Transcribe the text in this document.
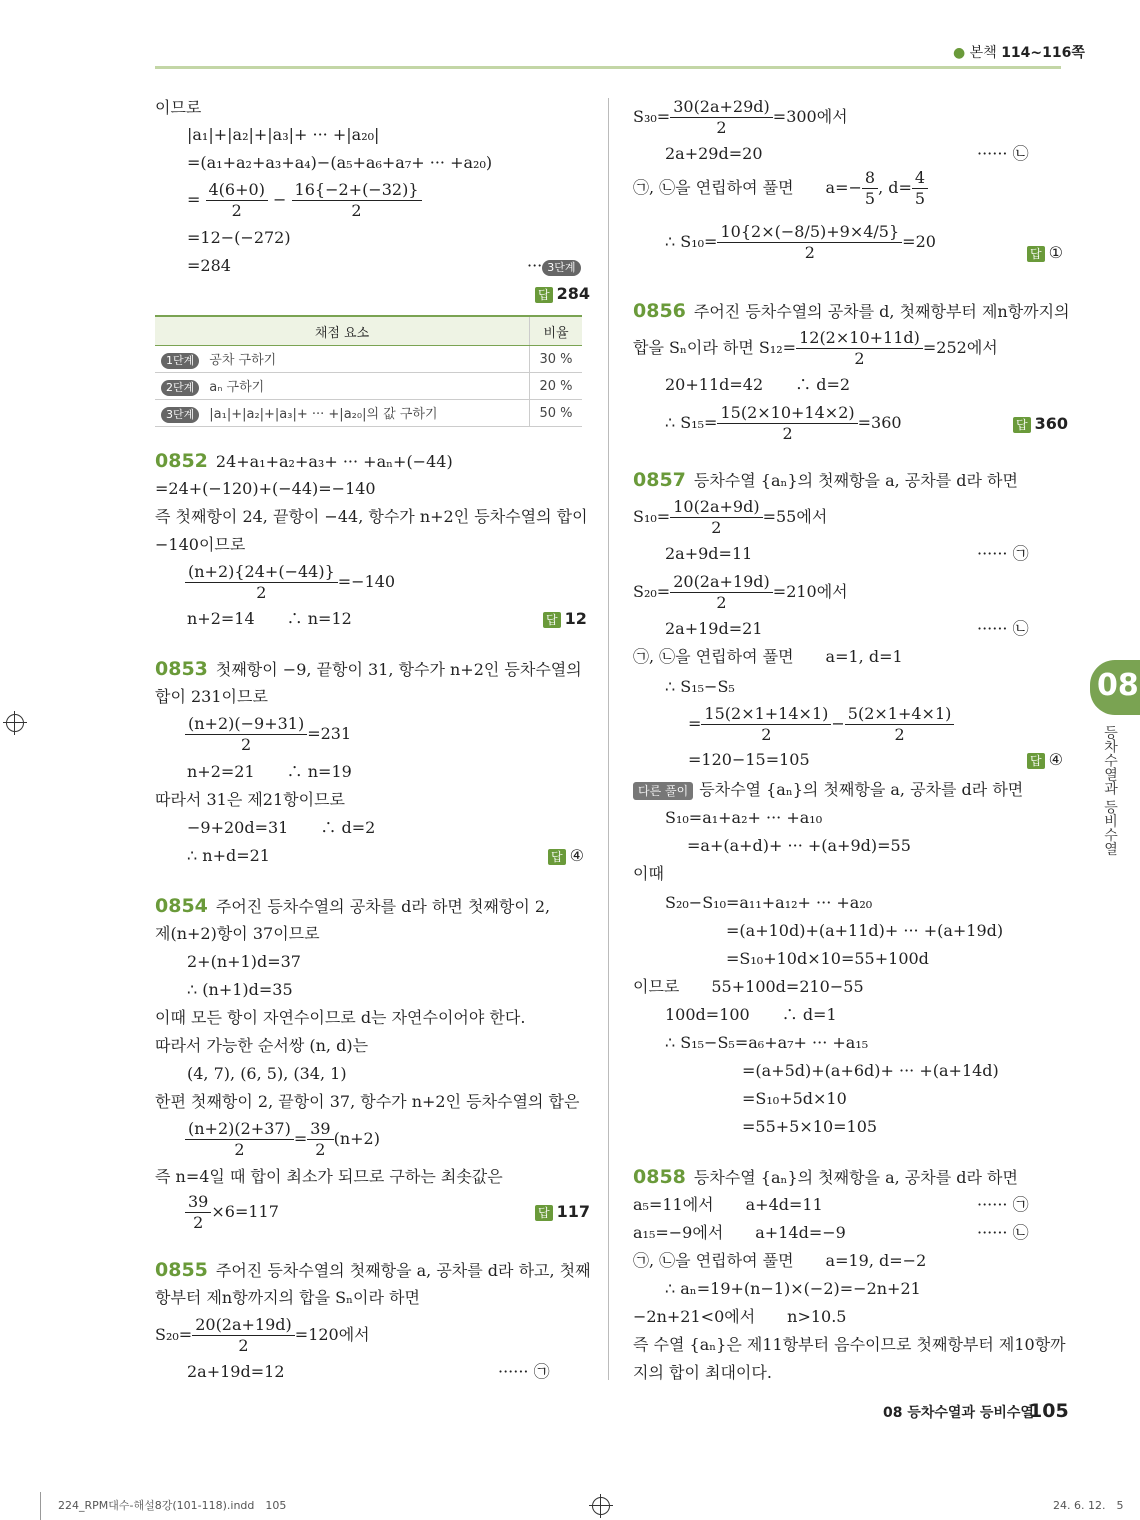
● 본책 114~116쪽
이므로
|a₁|+|a₂|+|a₃|+ ··· +|a₂₀|
=(a₁+a₂+a₃+a₄)−(a₅+a₆+a₇+ ··· +a₂₀)
= $\frac{4(6+0)}{2} - \frac{16\{-2+(-32)\}}{2}$
=12−(−272)
=284	··· 3단계
답 284
채점 요소	비율
1단계 공차 구하기	30 %
2단계 aₙ 구하기	20 %
3단계 |a₁|+|a₂|+|a₃|+ ··· +|a₂₀|의 값 구하기	50 %
0852 24+a₁+a₂+a₃+ ··· +aₙ+(−44)
=24+(−120)+(−44)=−140
즉 첫째항이 24, 끝항이 −44, 항수가 n+2인 등차수열의 합이
−140이므로
$\frac{(n+2)\{24+(-44)\}}{2} =-140$
n+2=14　　∴ n=12	답 12
0853 첫째항이 −9, 끝항이 31, 항수가 n+2인 등차수열의
합이 231이므로
$\frac{(n+2)(-9+31)}{2} =231$
n+2=21　　∴ n=19
따라서 31은 제21항이므로
−9+20d=31　　∴ d=2
∴ n+d=21	답 ④
0854 주어진 등차수열의 공차를 d라 하면 첫째항이 2,
제(n+2)항이 37이므로
2+(n+1)d=37
∴ (n+1)d=35
이때 모든 항이 자연수이므로 d는 자연수이어야 한다.
따라서 가능한 순서쌍 (n, d)는
(4, 7), (6, 5), (34, 1)
한편 첫째항이 2, 끝항이 37, 항수가 n+2인 등차수열의 합은
$\frac{(n+2)(2+37)}{2} = \frac{39}{2} (n+2)$
즉 n=4일 때 합이 최소가 되므로 구하는 최솟값은
$\frac{39}{2} \times 6=117$	답 117
0855 주어진 등차수열의 첫째항을 a, 공차를 d라 하고, 첫째
항부터 제n항까지의 합을 Sₙ이라 하면
$S_{20}= \frac{20(2a+19d)}{2} =120$에서
2a+19d=12	······ ㉠
$S_{30}= \frac{30(2a+29d)}{2} =300$에서
2a+29d=20	······ ㉡
㉠, ㉡을 연립하여 풀면　　$a=- \frac{8}{5}$ , $d= \frac{4}{5}$
∴ $S_{10}= \frac{10\{2\times(-8/5)+9\times 4/5\}}{2} =20$
답 ①
0856 주어진 등차수열의 공차를 d, 첫째항부터 제n항까지의
합을 Sₙ이라 하면 $S_{12}= \frac{12(2\times 10+11d)}{2} =252$에서
20+11d=42　　∴ d=2
∴ $S_{15}= \frac{15(2\times 10+14\times 2)}{2} =360$	답 360
0857 등차수열 {aₙ}의 첫째항을 a, 공차를 d라 하면
$S_{10}= \frac{10(2a+9d)}{2} =55$에서
2a+9d=11	······ ㉠
$S_{20}= \frac{20(2a+19d)}{2} =210$에서
2a+19d=21	······ ㉡
㉠, ㉡을 연립하여 풀면　　a=1, d=1
∴ S₁₅−S₅
= $\frac{15(2\times 1+14\times 1)}{2} - \frac{5(2\times 1+4\times 1)}{2}$
=120−15=105	답 ④
다른 풀이 등차수열 {aₙ}의 첫째항을 a, 공차를 d라 하면
S₁₀=a₁+a₂+ ··· +a₁₀
=a+(a+d)+ ··· +(a+9d)=55
이때
S₂₀−S₁₀=a₁₁+a₁₂+ ··· +a₂₀
=(a+10d)+(a+11d)+ ··· +(a+19d)
=S₁₀+10d×10=55+100d
이므로　　55+100d=210−55
100d=100　　∴ d=1
∴ S₁₅−S₅=a₆+a₇+ ··· +a₁₅
=(a+5d)+(a+6d)+ ··· +(a+14d)
=S₁₀+5d×10
=55+5×10=105
0858 등차수열 {aₙ}의 첫째항을 a, 공차를 d라 하면
a₅=11에서　　a+4d=11	······ ㉠
a₁₅=−9에서　　a+14d=−9	······ ㉡
㉠, ㉡을 연립하여 풀면　　a=19, d=−2
∴ aₙ=19+(n−1)×(−2)=−2n+21
−2n+21<0에서　　n>10.5
즉 수열 {aₙ}은 제11항부터 음수이므로 첫째항부터 제10항까
지의 합이 최대이다.
08
등차수열과 등비수열
08 등차수열과 등비수열
105
224_RPM대수-해설8강(101-118).indd　105	24. 6. 12.　5
